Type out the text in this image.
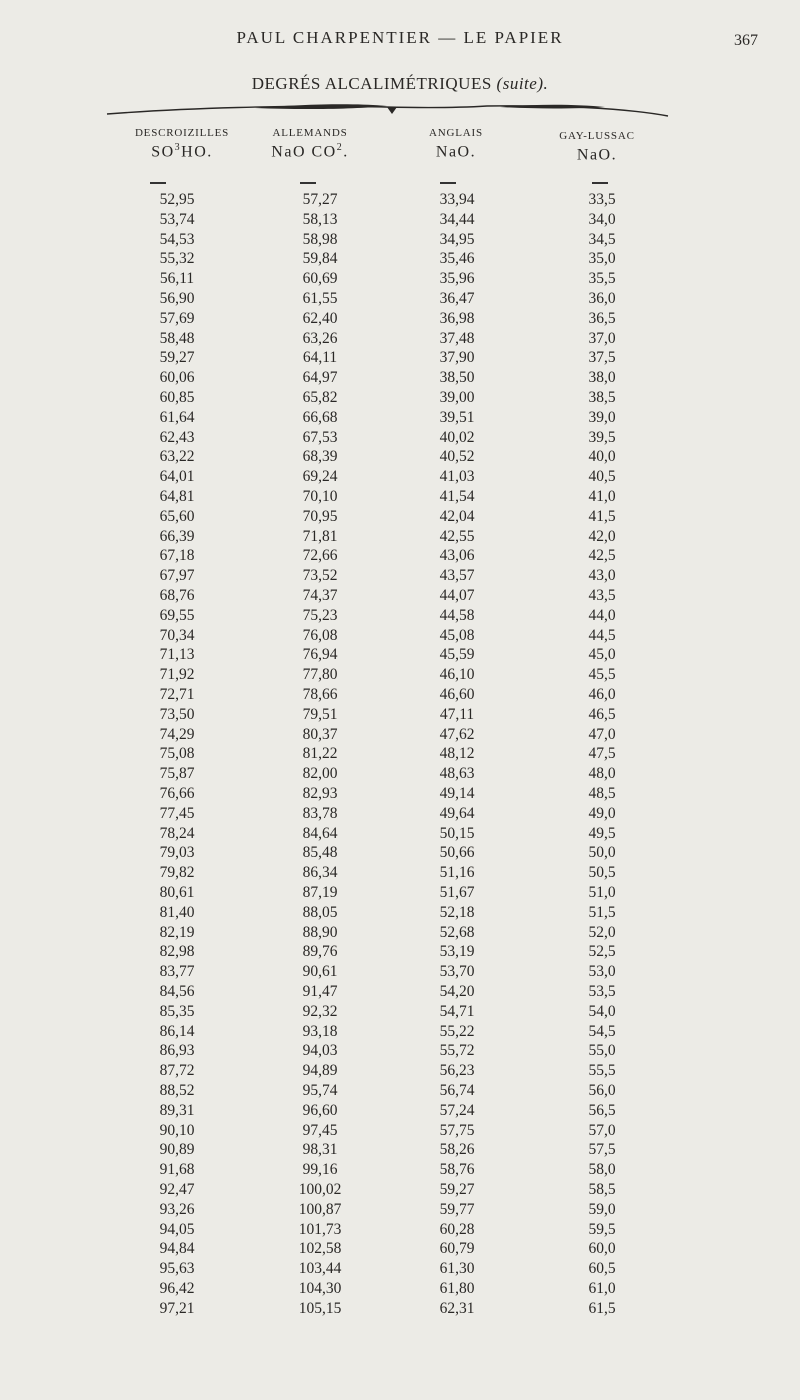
PAUL CHARPENTIER — LE PAPIER	367
DEGRÉS ALCALIMÉTRIQUES (suite).
DESCROIZILLES
$SO^3HO$.
ALLEMANDS
NaO $CO^2$.
ANGLAIS
NaO.
GAY-LUSSAC
NaO.
52,95	57,27	33,94	33,5
53,74	58,13	34,44	34,0
54,53	58,98	34,95	34,5
55,32	59,84	35,46	35,0
56,11	60,69	35,96	35,5
56,90	61,55	36,47	36,0
57,69	62,40	36,98	36,5
58,48	63,26	37,48	37,0
59,27	64,11	37,90	37,5
60,06	64,97	38,50	38,0
60,85	65,82	39,00	38,5
61,64	66,68	39,51	39,0
62,43	67,53	40,02	39,5
63,22	68,39	40,52	40,0
64,01	69,24	41,03	40,5
64,81	70,10	41,54	41,0
65,60	70,95	42,04	41,5
66,39	71,81	42,55	42,0
67,18	72,66	43,06	42,5
67,97	73,52	43,57	43,0
68,76	74,37	44,07	43,5
69,55	75,23	44,58	44,0
70,34	76,08	45,08	44,5
71,13	76,94	45,59	45,0
71,92	77,80	46,10	45,5
72,71	78,66	46,60	46,0
73,50	79,51	47,11	46,5
74,29	80,37	47,62	47,0
75,08	81,22	48,12	47,5
75,87	82,00	48,63	48,0
76,66	82,93	49,14	48,5
77,45	83,78	49,64	49,0
78,24	84,64	50,15	49,5
79,03	85,48	50,66	50,0
79,82	86,34	51,16	50,5
80,61	87,19	51,67	51,0
81,40	88,05	52,18	51,5
82,19	88,90	52,68	52,0
82,98	89,76	53,19	52,5
83,77	90,61	53,70	53,0
84,56	91,47	54,20	53,5
85,35	92,32	54,71	54,0
86,14	93,18	55,22	54,5
86,93	94,03	55,72	55,0
87,72	94,89	56,23	55,5
88,52	95,74	56,74	56,0
89,31	96,60	57,24	56,5
90,10	97,45	57,75	57,0
90,89	98,31	58,26	57,5
91,68	99,16	58,76	58,0
92,47	100,02	59,27	58,5
93,26	100,87	59,77	59,0
94,05	101,73	60,28	59,5
94,84	102,58	60,79	60,0
95,63	103,44	61,30	60,5
96,42	104,30	61,80	61,0
97,21	105,15	62,31	61,5
